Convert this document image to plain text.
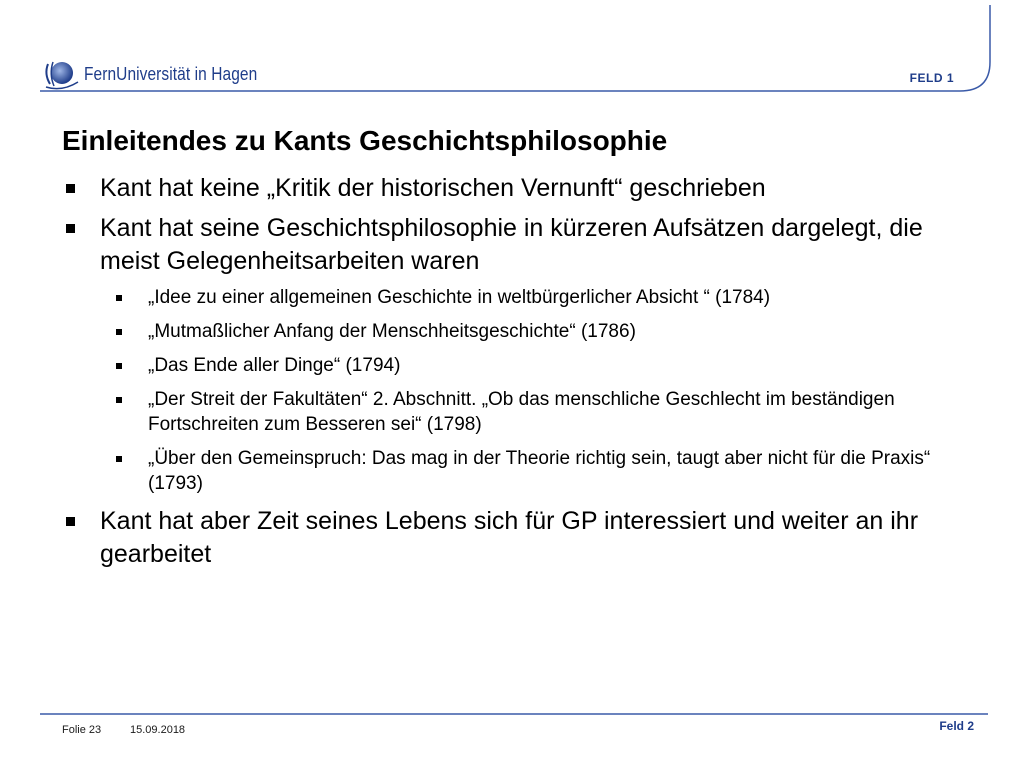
FernUniversität in Hagen	FELD 1
Einleitendes zu Kants Geschichtsphilosophie
Kant hat keine „Kritik der historischen Vernunft“ geschrieben
Kant hat seine Geschichtsphilosophie in kürzeren Aufsätzen dargelegt, die meist Gelegenheitsarbeiten waren
„Idee zu einer allgemeinen Geschichte in weltbürgerlicher Absicht “ (1784)
„Mutmaßlicher Anfang der Menschheitsgeschichte“ (1786)
„Das Ende aller Dinge“ (1794)
„Der Streit der Fakultäten“ 2. Abschnitt. „Ob das menschliche Geschlecht im beständigen Fortschreiten zum Besseren sei“ (1798)
„Über den Gemeinspruch: Das mag in der Theorie richtig sein, taugt aber nicht für die Praxis“ (1793)
Kant hat aber Zeit seines Lebens sich für GP interessiert und weiter an ihr gearbeitet
Folie 23	15.09.2018	Feld 2
